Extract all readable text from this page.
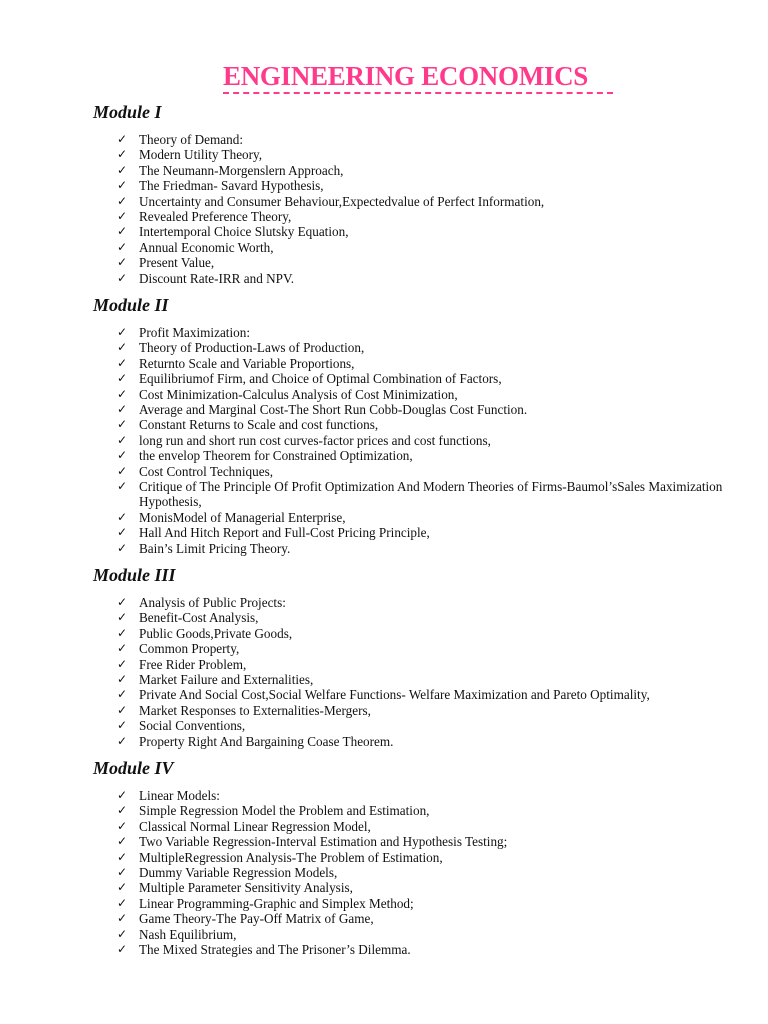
ENGINEERING ECONOMICS
Module I
✓ Theory of Demand:
✓ Modern Utility Theory,
✓ The Neumann-Morgenslern Approach,
✓ The Friedman- Savard Hypothesis,
✓ Uncertainty and Consumer Behaviour,Expectedvalue of Perfect Information,
✓ Revealed Preference Theory,
✓ Intertemporal Choice Slutsky Equation,
✓ Annual Economic Worth,
✓ Present Value,
✓ Discount Rate-IRR and NPV.
Module II
✓ Profit Maximization:
✓ Theory of Production-Laws of Production,
✓ Returnto Scale and Variable Proportions,
✓ Equilibriumof Firm, and Choice of Optimal Combination of Factors,
✓ Cost Minimization-Calculus Analysis of Cost Minimization,
✓ Average and Marginal Cost-The Short Run Cobb-Douglas Cost Function.
✓ Constant Returns to Scale and cost functions,
✓ long run and short run cost curves-factor prices and cost functions,
✓ the envelop Theorem for Constrained Optimization,
✓ Cost Control Techniques,
✓ Critique of The Principle Of Profit Optimization And Modern Theories of Firms-Baumol’sSales Maximization Hypothesis,
✓ MonisModel of Managerial Enterprise,
✓ Hall And Hitch Report and Full-Cost Pricing Principle,
✓ Bain’s Limit Pricing Theory.
Module III
✓ Analysis of Public Projects:
✓ Benefit-Cost Analysis,
✓ Public Goods,Private Goods,
✓ Common Property,
✓ Free Rider Problem,
✓ Market Failure and Externalities,
✓ Private And Social Cost,Social Welfare Functions- Welfare Maximization and Pareto Optimality,
✓ Market Responses to Externalities-Mergers,
✓ Social Conventions,
✓ Property Right And Bargaining Coase Theorem.
Module IV
✓ Linear Models:
✓ Simple Regression Model the Problem and Estimation,
✓ Classical Normal Linear Regression Model,
✓ Two Variable Regression-Interval Estimation and Hypothesis Testing;
✓ MultipleRegression Analysis-The Problem of Estimation,
✓ Dummy Variable Regression Models,
✓ Multiple Parameter Sensitivity Analysis,
✓ Linear Programming-Graphic and Simplex Method;
✓ Game Theory-The Pay-Off Matrix of Game,
✓ Nash Equilibrium,
✓ The Mixed Strategies and The Prisoner’s Dilemma.
